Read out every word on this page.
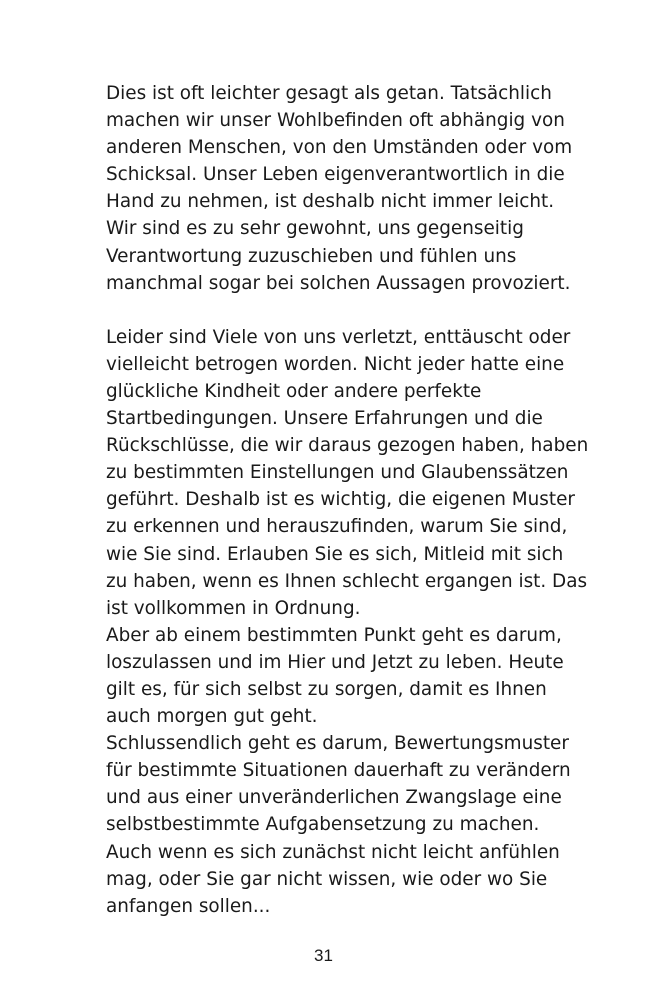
Dies ist oft leichter gesagt als getan. Tatsächlich
machen wir unser Wohlbefinden oft abhängig von
anderen Menschen, von den Umständen oder vom
Schicksal. Unser Leben eigenverantwortlich in die
Hand zu nehmen, ist deshalb nicht immer leicht.
Wir sind es zu sehr gewohnt, uns gegenseitig
Verantwortung zuzuschieben und fühlen uns
manchmal sogar bei solchen Aussagen provoziert.
Leider sind Viele von uns verletzt, enttäuscht oder
vielleicht betrogen worden. Nicht jeder hatte eine
glückliche Kindheit oder andere perfekte
Startbedingungen. Unsere Erfahrungen und die
Rückschlüsse, die wir daraus gezogen haben, haben
zu bestimmten Einstellungen und Glaubenssätzen
geführt. Deshalb ist es wichtig, die eigenen Muster
zu erkennen und herauszufinden, warum Sie sind,
wie Sie sind. Erlauben Sie es sich, Mitleid mit sich
zu haben, wenn es Ihnen schlecht ergangen ist. Das
ist vollkommen in Ordnung.
Aber ab einem bestimmten Punkt geht es darum,
loszulassen und im Hier und Jetzt zu leben. Heute
gilt es, für sich selbst zu sorgen, damit es Ihnen
auch morgen gut geht.
Schlussendlich geht es darum, Bewertungsmuster
für bestimmte Situationen dauerhaft zu verändern
und aus einer unveränderlichen Zwangslage eine
selbstbestimmte Aufgabensetzung zu machen.
Auch wenn es sich zunächst nicht leicht anfühlen
mag, oder Sie gar nicht wissen, wie oder wo Sie
anfangen sollen...
31
